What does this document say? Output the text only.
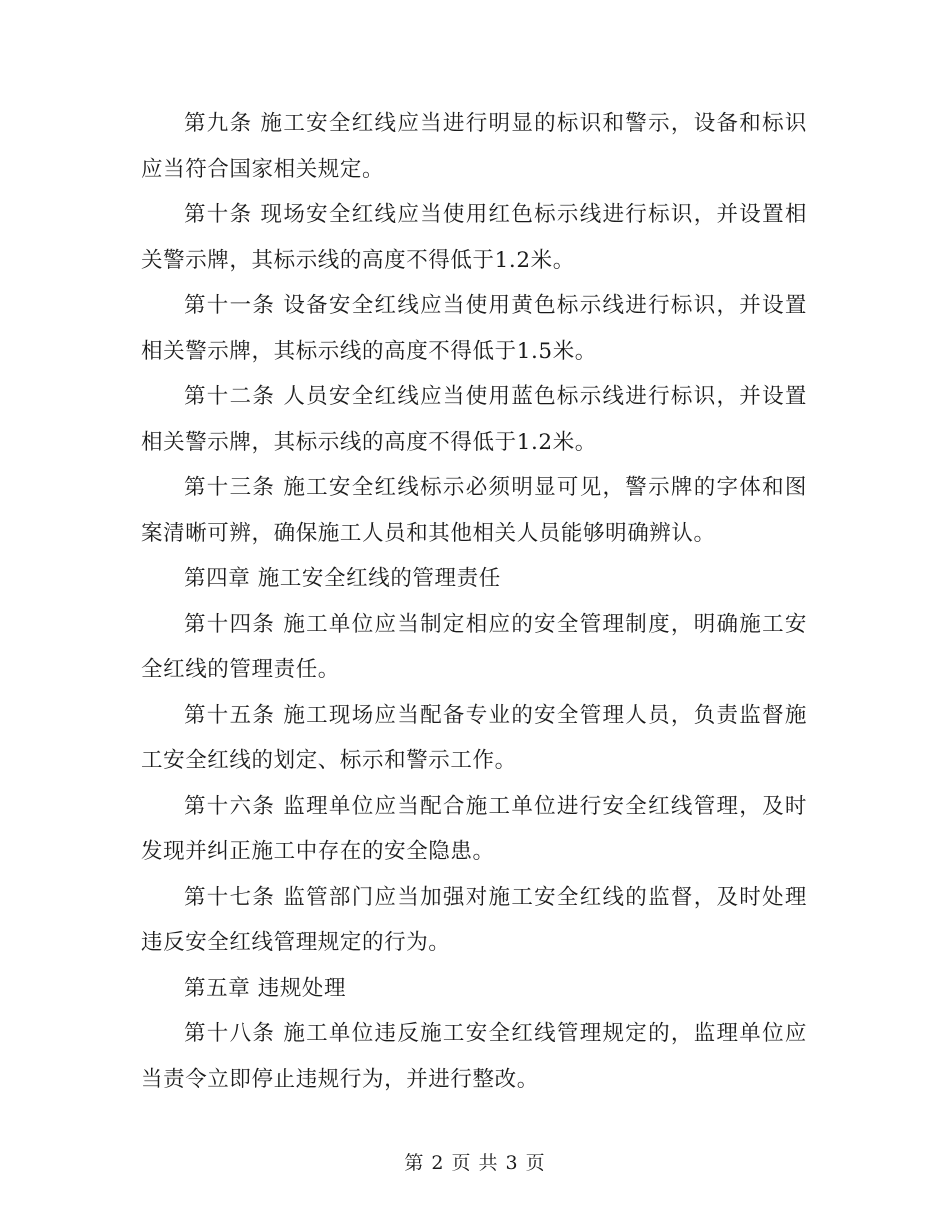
第九条 施工安全红线应当进行明显的标识和警示，设备和标识应当符合国家相关规定。

第十条 现场安全红线应当使用红色标示线进行标识，并设置相关警示牌，其标示线的高度不得低于1.2米。

第十一条 设备安全红线应当使用黄色标示线进行标识，并设置相关警示牌，其标示线的高度不得低于1.5米。

第十二条 人员安全红线应当使用蓝色标示线进行标识，并设置相关警示牌，其标示线的高度不得低于1.2米。

第十三条 施工安全红线标示必须明显可见，警示牌的字体和图案清晰可辨，确保施工人员和其他相关人员能够明确辨认。

第四章 施工安全红线的管理责任

第十四条 施工单位应当制定相应的安全管理制度，明确施工安全红线的管理责任。

第十五条 施工现场应当配备专业的安全管理人员，负责监督施工安全红线的划定、标示和警示工作。

第十六条 监理单位应当配合施工单位进行安全红线管理，及时发现并纠正施工中存在的安全隐患。

第十七条 监管部门应当加强对施工安全红线的监督，及时处理违反安全红线管理规定的行为。

第五章 违规处理

第十八条 施工单位违反施工安全红线管理规定的，监理单位应当责令立即停止违规行为，并进行整改。

第 2 页 共 3 页
